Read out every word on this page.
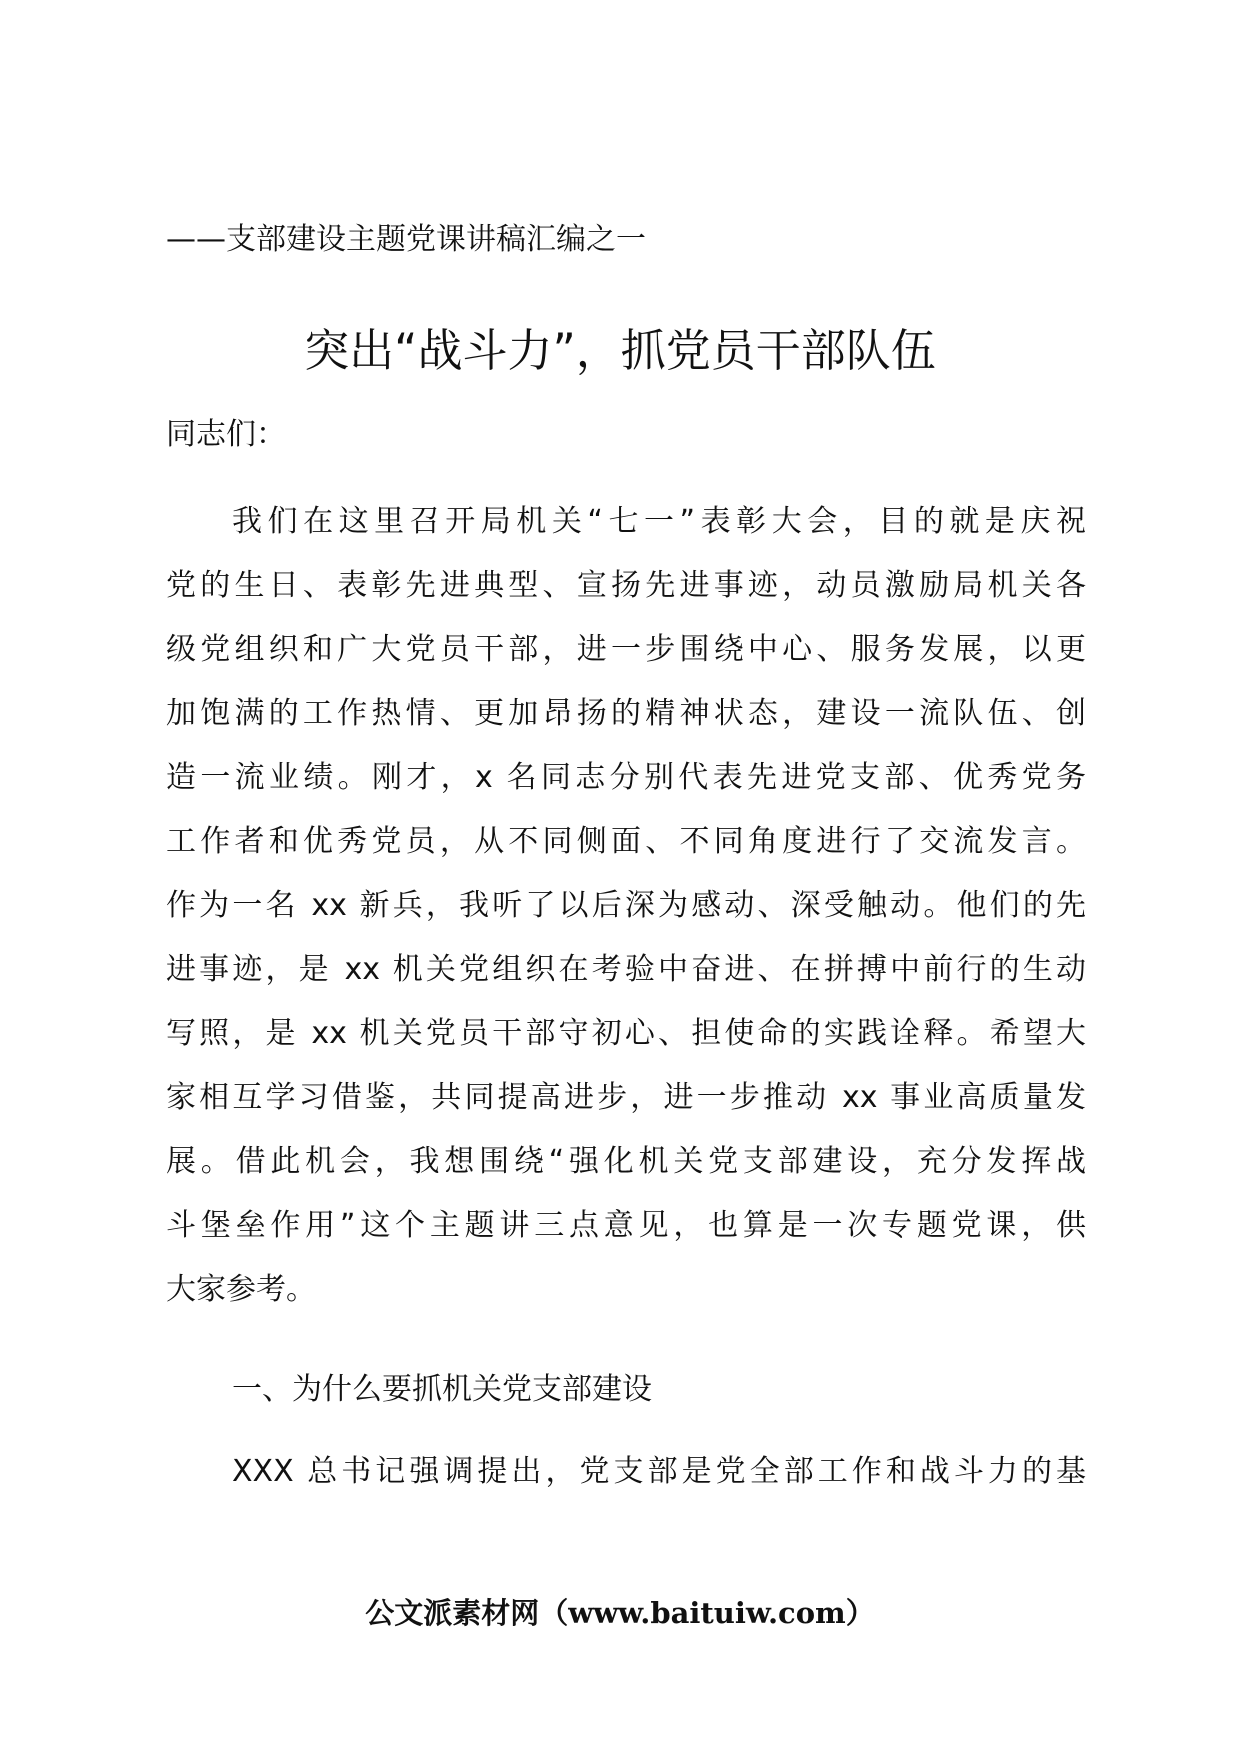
——支部建设主题党课讲稿汇编之一
突出“战斗力”，抓党员干部队伍
同志们：
我们在这里召开局机关“七一”表彰大会，目的就是庆祝
党的生日、表彰先进典型、宣扬先进事迹，动员激励局机关各
级党组织和广大党员干部，进一步围绕中心、服务发展，以更
加饱满的工作热情、更加昂扬的精神状态，建设一流队伍、创
造一流业绩。刚才，x 名同志分别代表先进党支部、优秀党务
工作者和优秀党员，从不同侧面、不同角度进行了交流发言。
作为一名 xx 新兵，我听了以后深为感动、深受触动。他们的先
进事迹，是 xx 机关党组织在考验中奋进、在拼搏中前行的生动
写照，是 xx 机关党员干部守初心、担使命的实践诠释。希望大
家相互学习借鉴，共同提高进步，进一步推动 xx 事业高质量发
展。借此机会，我想围绕“强化机关党支部建设，充分发挥战
斗堡垒作用”这个主题讲三点意见，也算是一次专题党课，供
大家参考。
一、为什么要抓机关党支部建设
XXX 总书记强调提出，党支部是党全部工作和战斗力的基
公文派素材网（www.baituiw.com）
